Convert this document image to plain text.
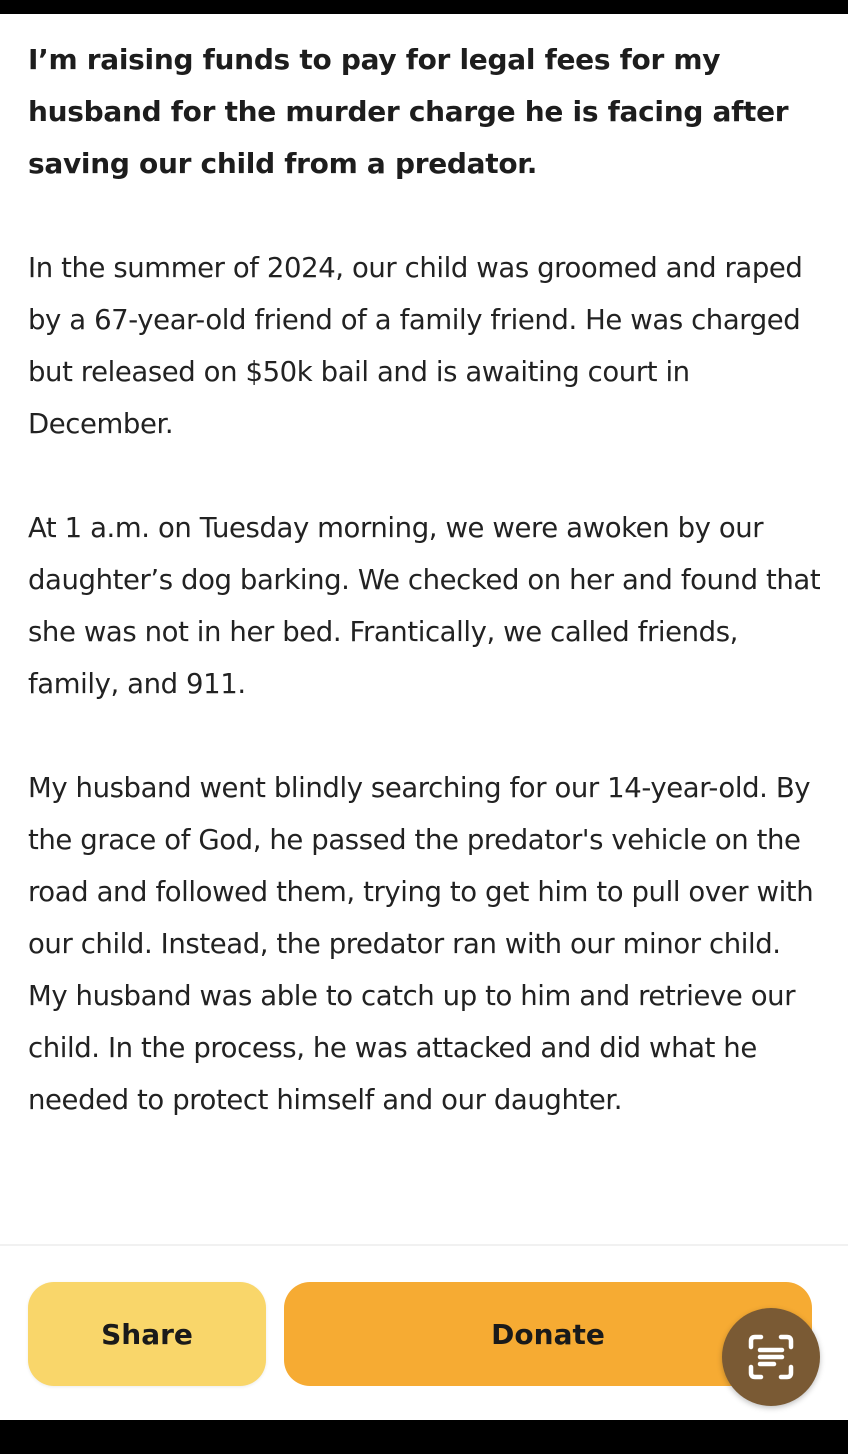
I’m raising funds to pay for legal fees for my husband for the murder charge he is facing after saving our child from a predator.

In the summer of 2024, our child was groomed and raped by a 67-year-old friend of a family friend. He was charged but released on $50k bail and is awaiting court in December.

At 1 a.m. on Tuesday morning, we were awoken by our daughter’s dog barking. We checked on her and found that she was not in her bed. Frantically, we called friends, family, and 911.

My husband went blindly searching for our 14-year-old. By the grace of God, he passed the predator's vehicle on the road and followed them, trying to get him to pull over with our child. Instead, the predator ran with our minor child. My husband was able to catch up to him and retrieve our child. In the process, he was attacked and did what he needed to protect himself and our daughter.

Share	Donate
